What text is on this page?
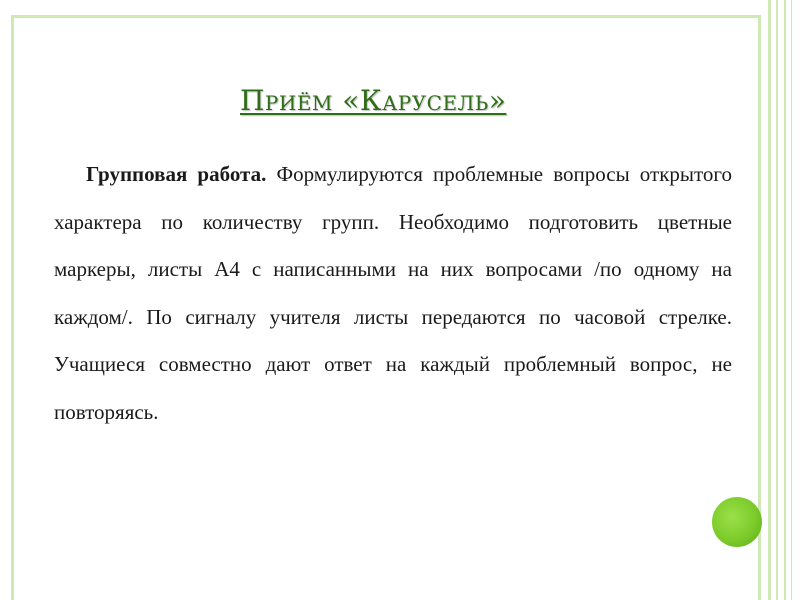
Приём «Карусель»

Групповая работа. Формулируются проблемные вопросы открытого характера по количеству групп. Необходимо подготовить цветные маркеры, листы А4 с написанными на них вопросами /по одному на каждом/. По сигналу учителя листы передаются по часовой стрелке. Учащиеся совместно дают ответ на каждый проблемный вопрос, не повторяясь.
